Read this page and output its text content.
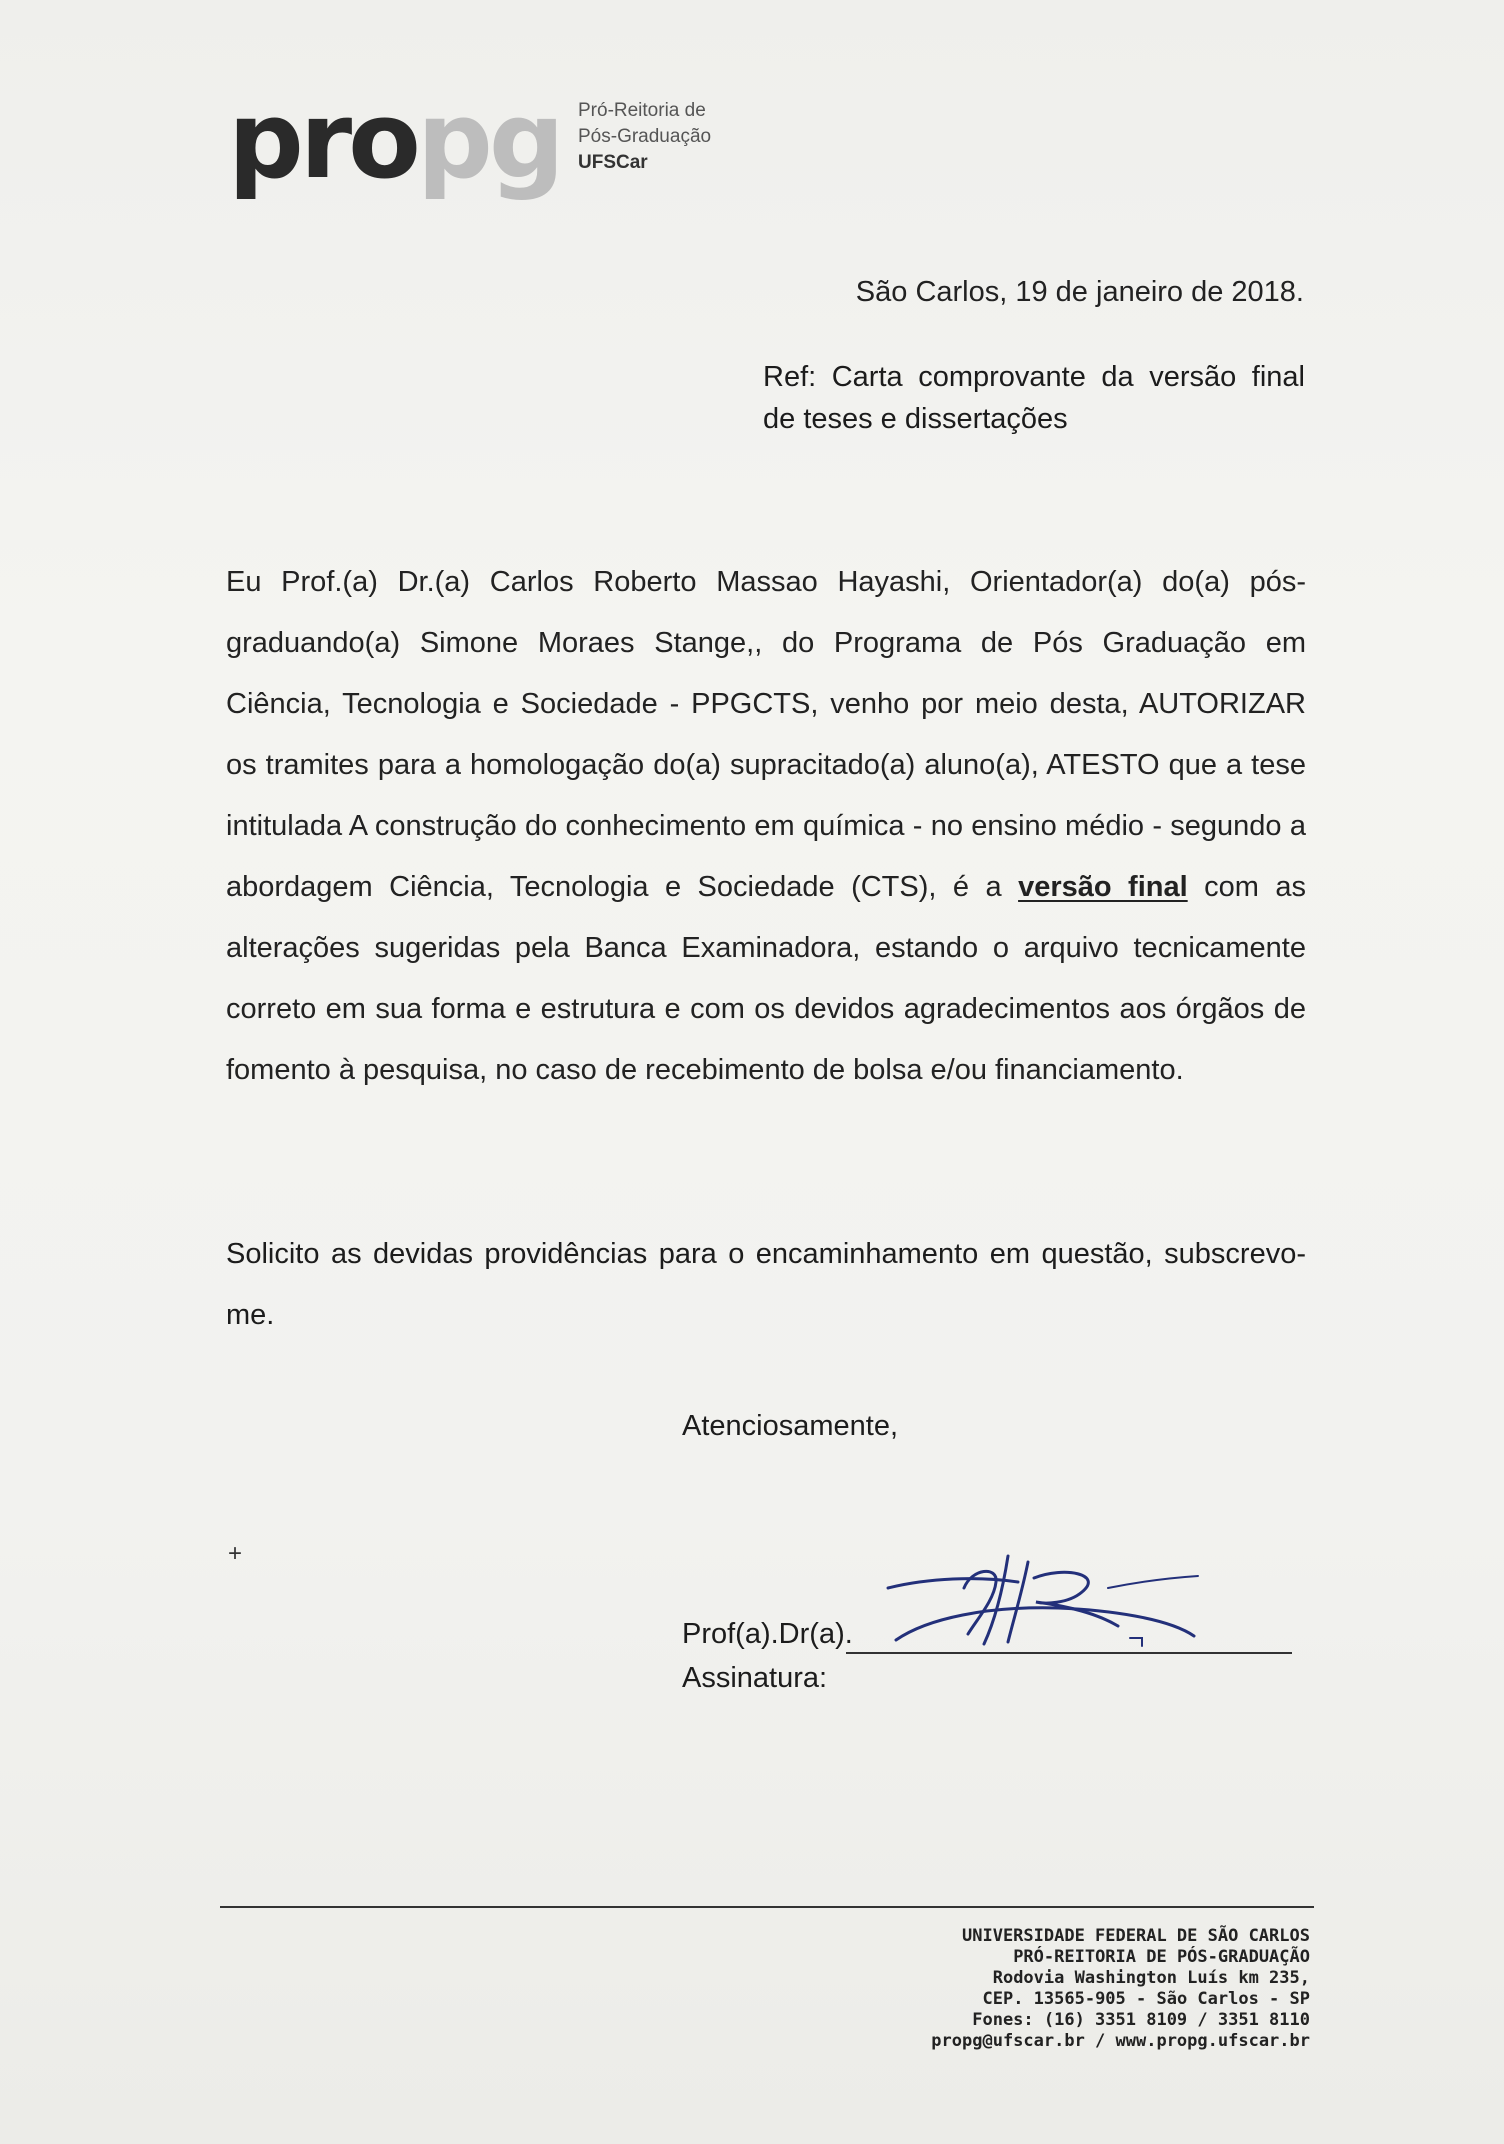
propg Pró-Reitoria de
Pós-Graduação
UFSCar
São Carlos, 19 de janeiro de 2018.
Ref: Carta comprovante da versão final
de teses e dissertações
Eu Prof.(a) Dr.(a) Carlos Roberto Massao Hayashi, Orientador(a) do(a) pós-graduando(a) Simone Moraes Stange,, do Programa de Pós Graduação em Ciência, Tecnologia e Sociedade - PPGCTS, venho por meio desta, AUTORIZAR os tramites para a homologação do(a) supracitado(a) aluno(a), ATESTO que a tese intitulada A construção do conhecimento em química - no ensino médio - segundo a abordagem Ciência, Tecnologia e Sociedade (CTS), é a versão final com as alterações sugeridas pela Banca Examinadora, estando o arquivo tecnicamente correto em sua forma e estrutura e com os devidos agradecimentos aos órgãos de fomento à pesquisa, no caso de recebimento de bolsa e/ou financiamento.
Solicito as devidas providências para o encaminhamento em questão, subscrevo-me.
Atenciosamente,
+
Prof(a).Dr(a).
Assinatura:
UNIVERSIDADE FEDERAL DE SÃO CARLOS
PRÓ-REITORIA DE PÓS-GRADUAÇÃO
Rodovia Washington Luís km 235,
CEP. 13565-905 - São Carlos - SP
Fones: (16) 3351 8109 / 3351 8110
propg@ufscar.br / www.propg.ufscar.br
